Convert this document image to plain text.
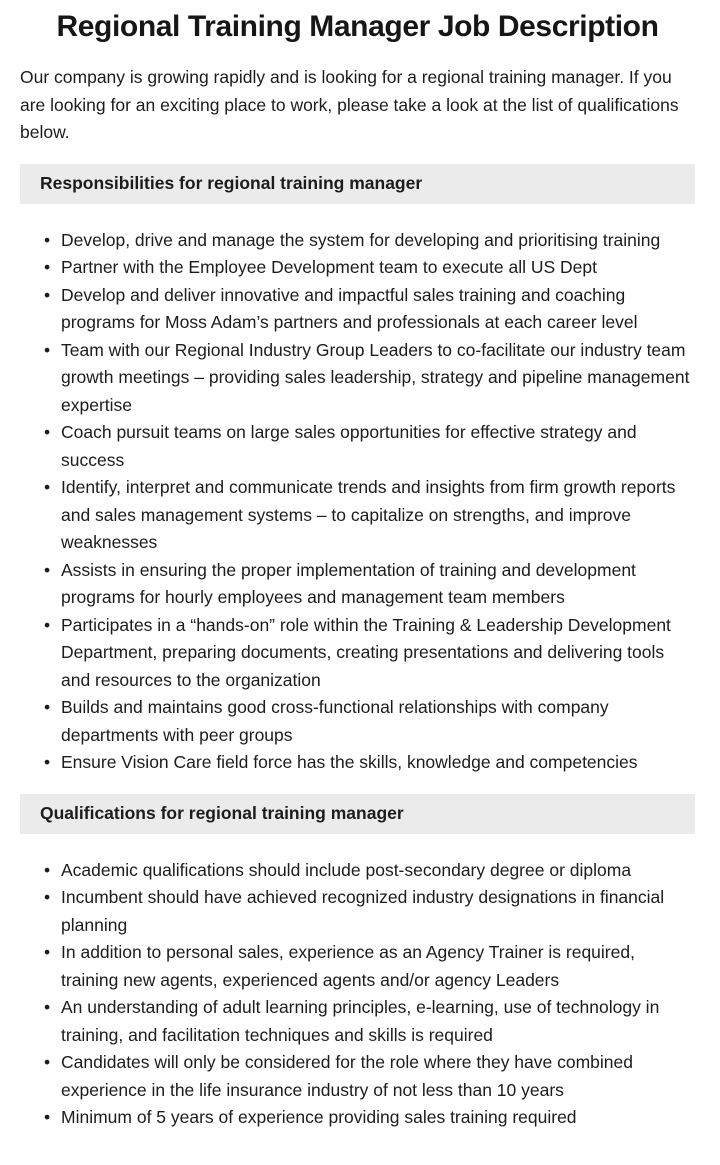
Regional Training Manager Job Description

Our company is growing rapidly and is looking for a regional training manager. If you are looking for an exciting place to work, please take a look at the list of qualifications below.

Responsibilities for regional training manager
• Develop, drive and manage the system for developing and prioritising training
• Partner with the Employee Development team to execute all US Dept
• Develop and deliver innovative and impactful sales training and coaching programs for Moss Adam’s partners and professionals at each career level
• Team with our Regional Industry Group Leaders to co-facilitate our industry team growth meetings – providing sales leadership, strategy and pipeline management expertise
• Coach pursuit teams on large sales opportunities for effective strategy and success
• Identify, interpret and communicate trends and insights from firm growth reports and sales management systems – to capitalize on strengths, and improve weaknesses
• Assists in ensuring the proper implementation of training and development programs for hourly employees and management team members
• Participates in a “hands-on” role within the Training & Leadership Development Department, preparing documents, creating presentations and delivering tools and resources to the organization
• Builds and maintains good cross-functional relationships with company departments with peer groups
• Ensure Vision Care field force has the skills, knowledge and competencies
Qualifications for regional training manager
• Academic qualifications should include post-secondary degree or diploma
• Incumbent should have achieved recognized industry designations in financial planning
• In addition to personal sales, experience as an Agency Trainer is required, training new agents, experienced agents and/or agency Leaders
• An understanding of adult learning principles, e-learning, use of technology in training, and facilitation techniques and skills is required
• Candidates will only be considered for the role where they have combined experience in the life insurance industry of not less than 10 years
• Minimum of 5 years of experience providing sales training required
